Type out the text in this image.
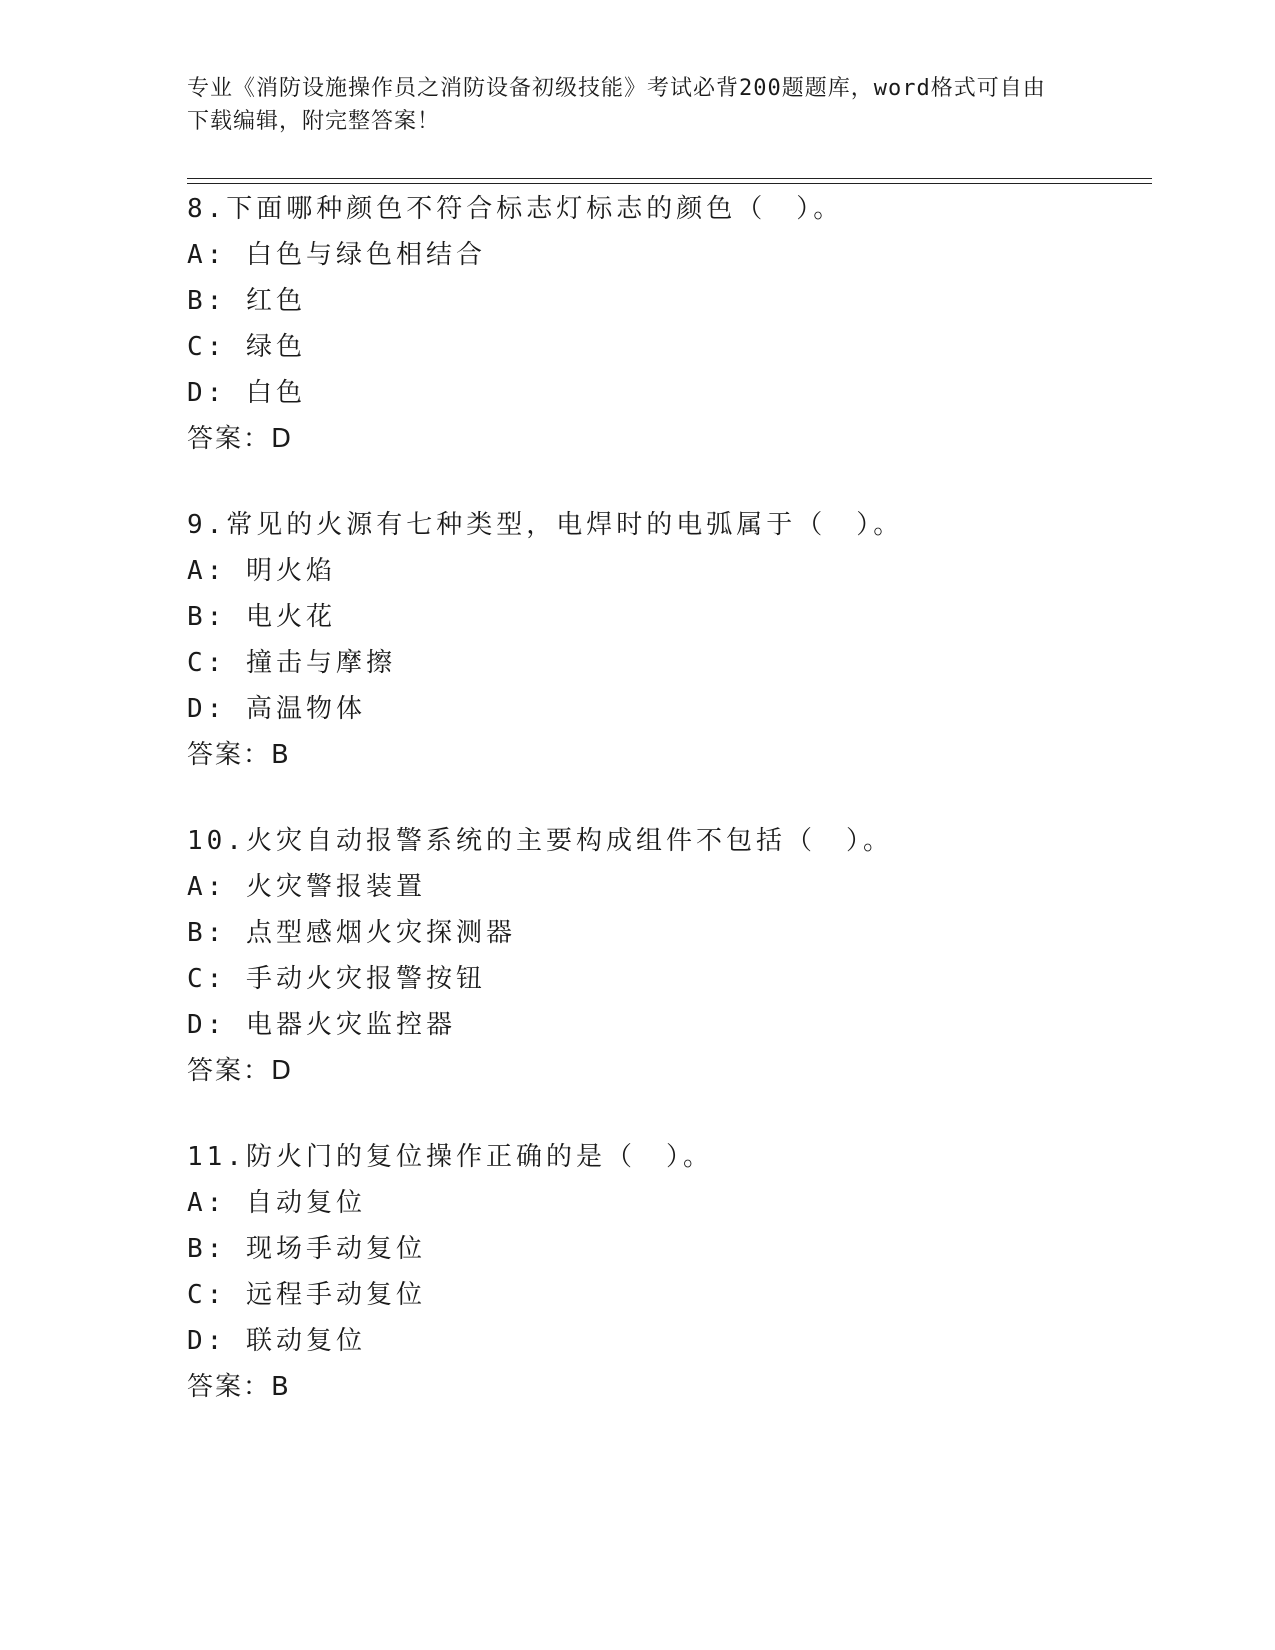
专业《消防设施操作员之消防设备初级技能》考试必背200题题库，word格式可自由下载编辑，附完整答案！
8.下面哪种颜色不符合标志灯标志的颜色（　）。
A: 白色与绿色相结合
B: 红色
C: 绿色
D: 白色
答案：D
9.常见的火源有七种类型，电焊时的电弧属于（　）。
A: 明火焰
B: 电火花
C: 撞击与摩擦
D: 高温物体
答案：B
10.火灾自动报警系统的主要构成组件不包括（　）。
A: 火灾警报装置
B: 点型感烟火灾探测器
C: 手动火灾报警按钮
D: 电器火灾监控器
答案：D
11.防火门的复位操作正确的是（　）。
A: 自动复位
B: 现场手动复位
C: 远程手动复位
D: 联动复位
答案：B
